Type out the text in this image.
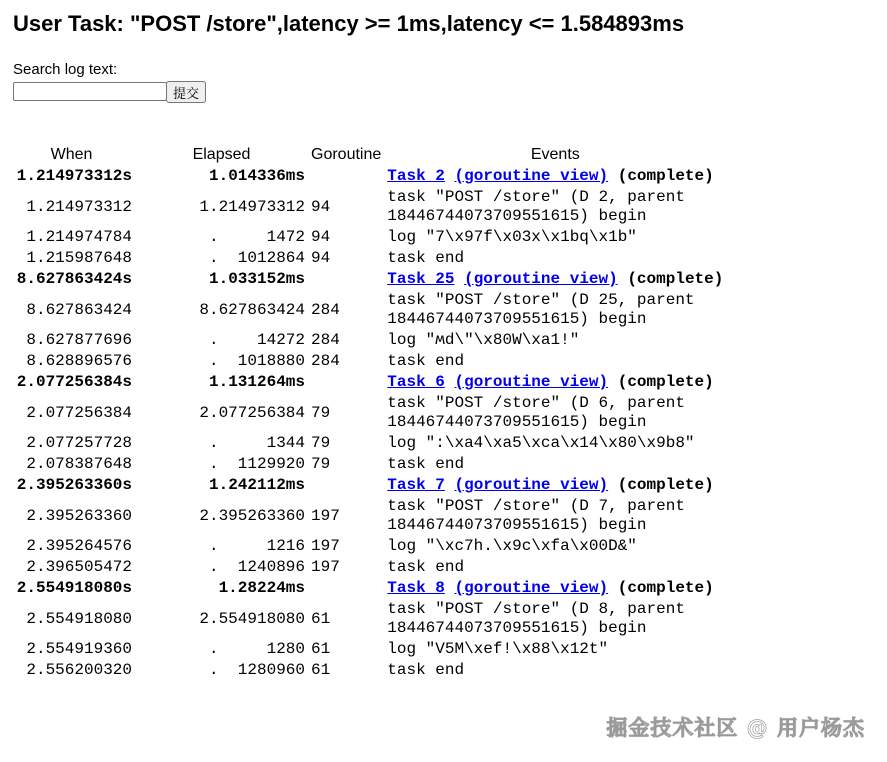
User Task: "POST /store",latency >= 1ms,latency <= 1.584893ms
Search log text:
提交
When	Elapsed	Goroutine	Events
1.214973312s	1.014336ms		Task 2 (goroutine view) (complete)
1.214973312	1.214973312	94	task "POST /store" (D 2, parent
18446744073709551615) begin
1.214974784	.     1472	94	log "7\x97f\x03x\x1bq\x1b"
1.215987648	.  1012864	94	task end
8.627863424s	1.033152ms		Task 25 (goroutine view) (complete)
8.627863424	8.627863424	284	task "POST /store" (D 25, parent
18446744073709551615) begin
8.627877696	.    14272	284	log "ʍd\"\x80W\xa1!"
8.628896576	.  1018880	284	task end
2.077256384s	1.131264ms		Task 6 (goroutine view) (complete)
2.077256384	2.077256384	79	task "POST /store" (D 6, parent
18446744073709551615) begin
2.077257728	.     1344	79	log ":\xa4\xa5\xca\x14\x80\x9b8"
2.078387648	.  1129920	79	task end
2.395263360s	1.242112ms		Task 7 (goroutine view) (complete)
2.395263360	2.395263360	197	task "POST /store" (D 7, parent
18446744073709551615) begin
2.395264576	.     1216	197	log "\xc7h.\x9c\xfa\x00D&"
2.396505472	.  1240896	197	task end
2.554918080s	1.28224ms		Task 8 (goroutine view) (complete)
2.554918080	2.554918080	61	task "POST /store" (D 8, parent
18446744073709551615) begin
2.554919360	.     1280	61	log "V5M\xef!\x88\x12t"
2.556200320	.  1280960	61	task end
掘金技术社区 @ 用户杨杰
